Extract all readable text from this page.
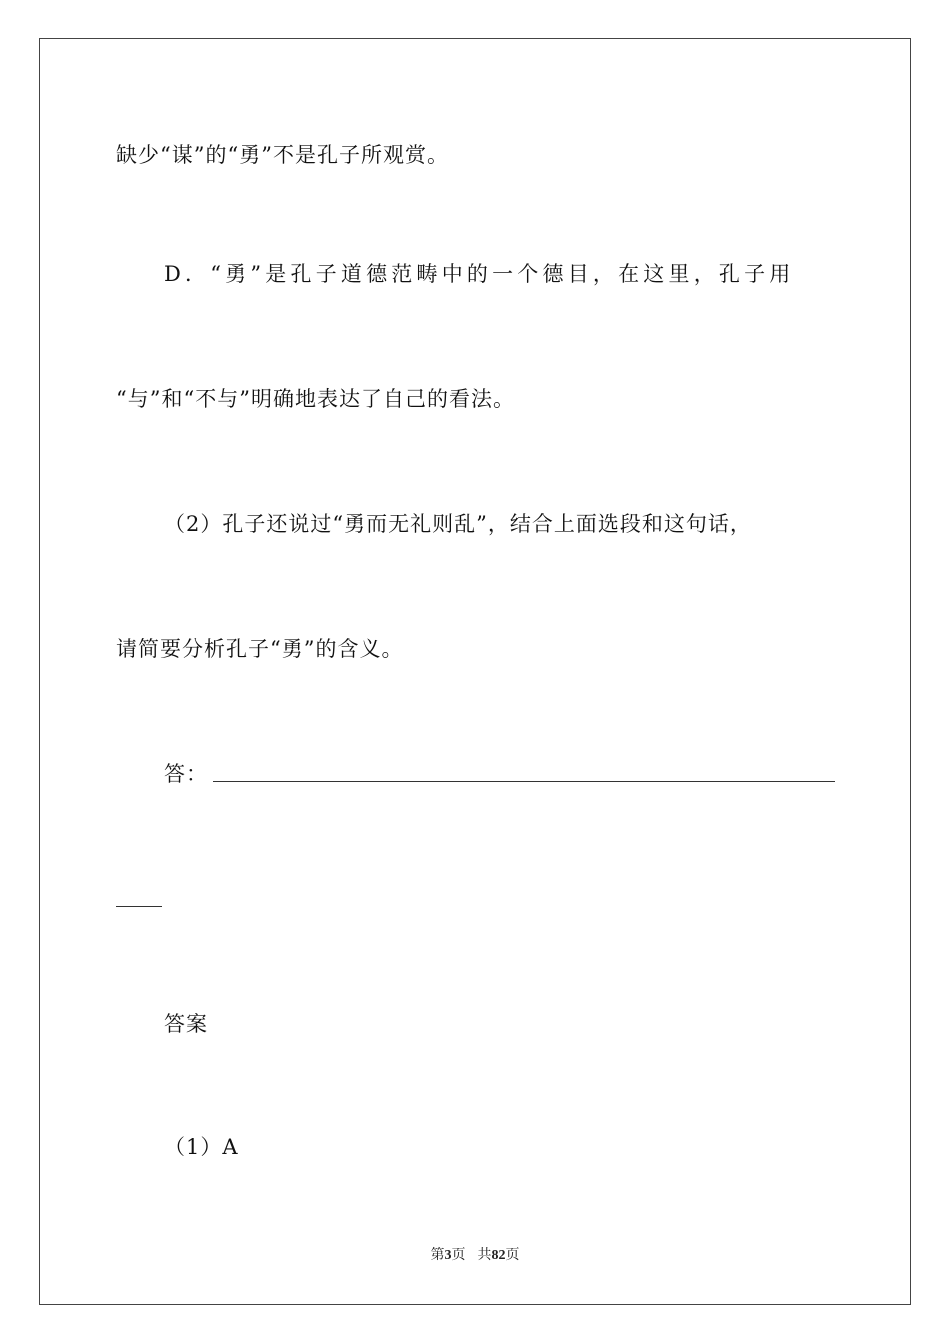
缺少“谋”的“勇”不是孔子所观赏。
D．“勇”是孔子道德范畴中的一个德目，在这里，孔子用
“与”和“不与”明确地表达了自己的看法。
（2）孔子还说过“勇而无礼则乱”，结合上面选段和这句话，
请简要分析孔子“勇”的含义。
答：
答案
（1）A
第3页 共82页
